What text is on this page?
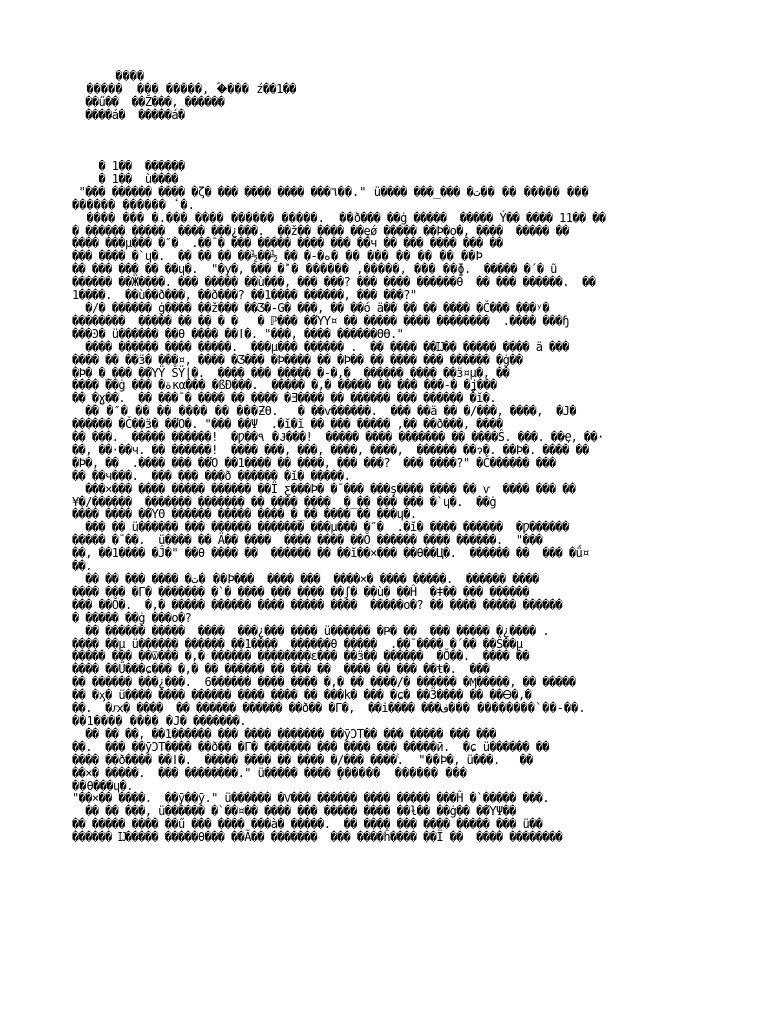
����
�����  ��� �����, �ؐ��� ź��1��
��ű��  ��Ž���, ������
����á�  �����á�
� 1��  ������
� 1��  ù����
"��� ������ ���� �ζ� ��� ���� ���� ���٦��." ü���� ���_��� �ت�� �� ����� ���
������ ������ ٴ�.
���� ��� �.��� ���� ������ �����.  ��ð��� ��ġ �����  ����� Ý�� ���� 11�� ��
� ������ �����  ���� ���¿���.  ��ž�� ���� ��ęǿ ����� ��Þ�ο�, ����  ����� ��
���� ���µ��� �″�  .��¯� ��� ����� ���� ��� ��ч �� ��� ���� ��� ��
��� ���� �`ɥ�.  �� �� �� ��½��½ �� �-�ه� �� ��� �� �� �� ��Þ
�� ��� ��� �� ��ɥ�.  "�у�, ��� �ؕ� ������ ,�����, ��� ��ɸ.  ����� �´� ũ
������ ��Ӝ����. ��� ����� ��ù���, ��� ���? ��� ���� ������θ  �� ��� ������.  ��
1����.  ��ù��ð���, ��ð���? ��1���� ������, ��� ���?"
�/� ������ ġ���� ��ž��� ��Ʒ�-G� ���, �� ��ó ä�� �� �� ���� �Č��� ���ʸ�
��������  ����� �� �� � �   � ℙ��� ��ΎΥ¤ �� ����� ���� ��������  .���� ���ɧ
���Ͽ� ü������ ��θ ���� ��ǀ�. "���, ���� ������ӨӨ."
���� ������ ���� �����.  ���µ��� ������ .  �� ���� ��Ĳ�� ����� ���� ä ���
���� �� ��ӟ� ���¤, ���� �Ʒ��� �Ϸ���� �� �Ϸ�� �� ���� ��� ������ �ġ��
�Ϸ� �_��� ��ΎŸ ŠŸ|�.  ���� ��� ����� �-�,�  ������ ���� ��ӟ¤µ�, ��
���� ��ġ ��� �ةκα��� �ßÐ���.  ����� �,� ����� �� ��� ���-� �ʝ���
�� �ɣ��.  �� ���¯� ���� �� ���� �Ǝ���� �� ������ ��� ������ �ĭ�.
�ࣖ� �″� �� �� ���� �� ���ƵӨ.   � ��ѵ������.  ��� ��ä �� �/���, ����,  �J�
������ �Č��ӟ� ��Ὁ�. "��� ��Ψ  .�ĭ�ĭ �� ��� ����� ,�� ��ð���, ����
�� ���.  ����� ������!  �Ƿ��٩ �Ɉ���!  ����� ���� ������� �� ����Ŝ. ���. ��Ҿ, ��·
��, ��·��ч. �� ������!  ���� ���, ���, ����, ����,  ������ ��ɂ�. ��Ϸ�. ���� ��
�Ϸ�, ��  .���� ��� ��Ὁ ��1���� �� ����, ��� ���?  ��� ����?" �Č������ ���
�� ��ч���.  ��� ��� ���ð ������ �ĭ� �����.
���×��� ���� ����� ������ ��Ϊ ƹ���Þ� �¯��� ���ş���� ���� �� ѵ  ���� ��� ��
¥�/������  ������� ������� �� ���� ����  �_�� ��� ��� �`ɥ�.  ��ġ
���� ���� ��ΎΘ ������ ����� ���� �_�� ���� �� ���ɥ�.
��� �� ü������ ��� ������ ������� ���µ��� �″�  .�ĭ� ���� ������  �Ƿ������
����� �¯��.  ü���� �� Ä�� ����  ���� ���� ��Ŏ ������ ���� ������.  "���
��, ��1���� �Ĵ�" ��θ ���� ��  ������ �� ��ĭ��×��� ��θ��Ц�.  ������ ��  ��� �ǘ¤
��.
�� �� ��� ���� �ت� ��Ϸ���  ���� ���  ����×� ���� �����.  ������ ����
���� ��� �Γ� ������� �`� ���� ��� ���� ��ʃ� ��ù� ��Ĥ  �ǂ�� ��� ������
��� ��Ŏ�.  �,� ����� ������ ���� ����� ����  �����ο�? �� ���� ����� ������
� ����� ��ġ ���ο�?
�� ������ �����  ����  ���¿��� ���� ü������ �Ҏ� ��  ��� ����� �¿���� .
���� ��µ ü������ ������ ��1����  ������θ �����  .��¯���� �´�� ��Ŝ��µ
����� ��� ��ѿ��� �,� ������ ��������ε��� ��ӟ�� ������  �Ŏ��.  ���� ��
���� ��Ű���ɕ��� �,� �� ������ �� ��� ��  ���� �� ��� ��ŧ�.  ���
�� ������ ���¿���.  6������ ���� ���� �,� �� ����/� ������ �Ӎ�����, �� �����
�� �ӽ� ü���� ���� ������ ���� ���� �� ���k� ��� �ɕ� ��Ӟ���� �� ��Ꮎ�,�
��.  �ԕ� ����  �� ������ ������ ��ð�� �Γ�,  ��i���� ���ف��� ��������`��-��.
��1���� ���� �J� �������.
�� �� ��, ��1������ ��� ���� ������� ��ӯϽΤ�� ��� ����� ��� ���
��.  ��� ��ӯϽΤ���� ��ð�� �Γ� ������� ��� ���� ��� �����ӣ.  �ɕ ü������ ��
���� ��ð���� ��ǀ�.  ����� ���� �� ���� �/��� ����ࣖ.  "��Ϸ�, ü���.   ��
��×� �����.  ��� ��������." ü����� ���� �ٕ�����  ������ ���
��θ���ɥ�.
"��×�� ����.  ��ӯ��ӯ." ü������ �Ѵ��� ������ ���� ����� ���Ĥ �`����� ���.
�� �� ���, ü������ �`��¤�� ���� ��� ����� ���� ��ƚ�� ��ġ�� ��ΎΨ��
�� ����� ���� ��ű ��� ���� ���à� �����.  �� ���� ��� ���� ����� ��� ü��
������ Ĳ����� �����θ��� ��Ă�� �������  ��� ����ĥ���� ��Ϊ ��  ���� ��������
